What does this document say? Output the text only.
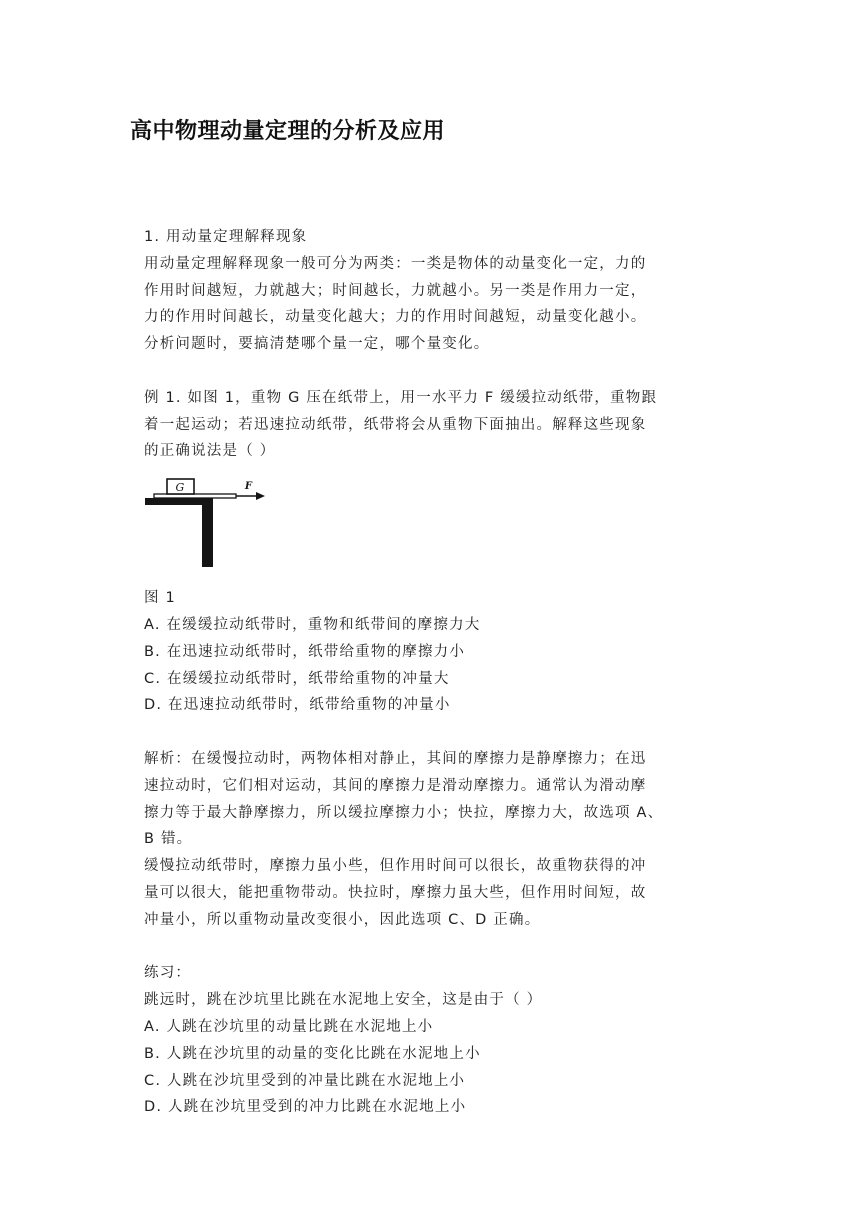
高中物理动量定理的分析及应用

1. 用动量定理解释现象

用动量定理解释现象一般可分为两类：一类是物体的动量变化一定，力的

作用时间越短，力就越大；时间越长，力就越小。另一类是作用力一定，

力的作用时间越长，动量变化越大；力的作用时间越短，动量变化越小。

分析问题时，要搞清楚哪个量一定，哪个量变化。

例 1. 如图 1，重物 G 压在纸带上，用一水平力 F 缓缓拉动纸带，重物跟

着一起运动；若迅速拉动纸带，纸带将会从重物下面抽出。解释这些现象

的正确说法是（ ）

G	F

图 1

A. 在缓缓拉动纸带时，重物和纸带间的摩擦力大

B. 在迅速拉动纸带时，纸带给重物的摩擦力小

C. 在缓缓拉动纸带时，纸带给重物的冲量大

D. 在迅速拉动纸带时，纸带给重物的冲量小

解析：在缓慢拉动时，两物体相对静止，其间的摩擦力是静摩擦力；在迅

速拉动时，它们相对运动，其间的摩擦力是滑动摩擦力。通常认为滑动摩

擦力等于最大静摩擦力，所以缓拉摩擦力小；快拉，摩擦力大，故选项 A、

B 错。

缓慢拉动纸带时，摩擦力虽小些，但作用时间可以很长，故重物获得的冲

量可以很大，能把重物带动。快拉时，摩擦力虽大些，但作用时间短，故

冲量小，所以重物动量改变很小，因此选项 C、D 正确。

练习：

跳远时，跳在沙坑里比跳在水泥地上安全，这是由于（ ）

A. 人跳在沙坑里的动量比跳在水泥地上小

B. 人跳在沙坑里的动量的变化比跳在水泥地上小

C. 人跳在沙坑里受到的冲量比跳在水泥地上小

D. 人跳在沙坑里受到的冲力比跳在水泥地上小
